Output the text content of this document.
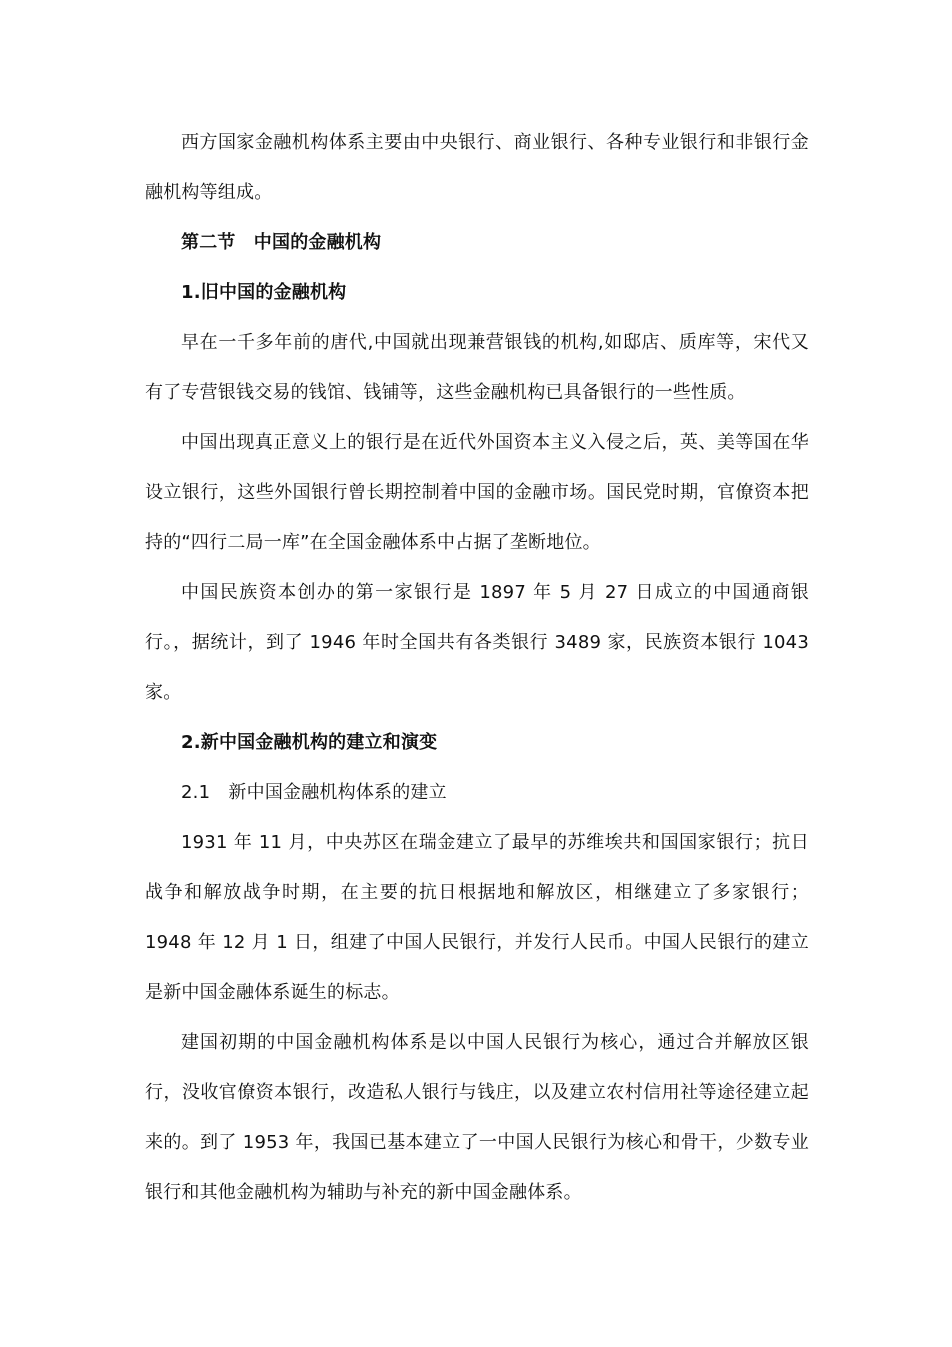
西方国家金融机构体系主要由中央银行、商业银行、各种专业银行和非银行金融机构等组成。

第二节　中国的金融机构

1.旧中国的金融机构

早在一千多年前的唐代,中国就出现兼营银钱的机构,如邸店、质库等，宋代又有了专营银钱交易的钱馆、钱铺等，这些金融机构已具备银行的一些性质。

中国出现真正意义上的银行是在近代外国资本主义入侵之后，英、美等国在华设立银行，这些外国银行曾长期控制着中国的金融市场。国民党时期，官僚资本把持的“四行二局一库”在全国金融体系中占据了垄断地位。

中国民族资本创办的第一家银行是 1897 年 5 月 27 日成立的中国通商银行。，据统计，到了 1946 年时全国共有各类银行 3489 家，民族资本银行 1043 家。

2.新中国金融机构的建立和演变

2.1　新中国金融机构体系的建立

1931 年 11 月，中央苏区在瑞金建立了最早的苏维埃共和国国家银行；抗日战争和解放战争时期，在主要的抗日根据地和解放区，相继建立了多家银行；1948 年 12 月 1 日，组建了中国人民银行，并发行人民币。中国人民银行的建立是新中国金融体系诞生的标志。

建国初期的中国金融机构体系是以中国人民银行为核心，通过合并解放区银行，没收官僚资本银行，改造私人银行与钱庄，以及建立农村信用社等途径建立起来的。到了 1953 年，我国已基本建立了一中国人民银行为核心和骨干，少数专业银行和其他金融机构为辅助与补充的新中国金融体系。
